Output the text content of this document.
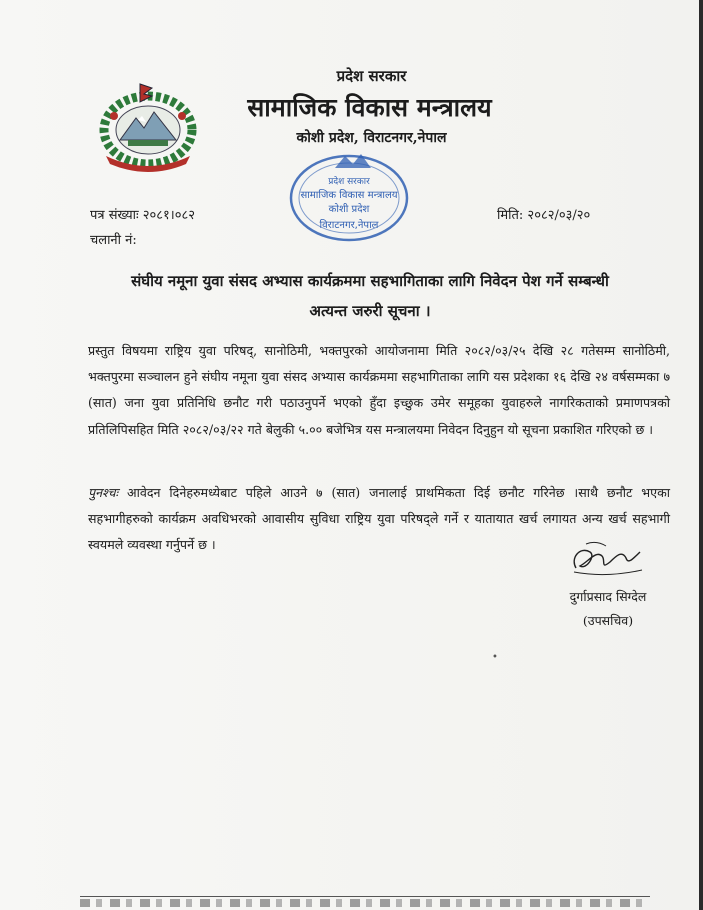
प्रदेश सरकार
सामाजिक विकास मन्त्रालय
कोशी प्रदेश, विराटनगर,नेपाल
प्रदेश सरकार
सामाजिक विकास मन्त्रालय
कोशी प्रदेश
विराटनगर,नेपाल
पत्र संख्याः २०८१।०८२
चलानी नं:
मिति: २०८२/०३/२०
संघीय नमूना युवा संसद अभ्यास कार्यक्रममा सहभागिताका लागि निवेदन पेश गर्ने सम्बन्धी
अत्यन्त जरुरी सूचना ।
प्रस्तुत विषयमा राष्ट्रिय युवा परिषद्, सानोठिमी, भक्तपुरको आयोजनामा मिति २०८२/०३/२५ देखि २८ गतेसम्म सानोठिमी, भक्तपुरमा सञ्चालन हुने संघीय नमूना युवा संसद अभ्यास कार्यक्रममा सहभागिताका लागि यस प्रदेशका १६ देखि २४ वर्षसम्मका ७ (सात) जना युवा प्रतिनिधि छनौट गरी पठाउनुपर्ने भएको हुँदा इच्छुक उमेर समूहका युवाहरुले नागरिकताको प्रमाणपत्रको प्रतिलिपिसहित मिति २०८२/०३/२२ गते बेलुकी ५.०० बजेभित्र यस मन्त्रालयमा निवेदन दिनुहुन यो सूचना प्रकाशित गरिएको छ ।
पुनश्चः आवेदन दिनेहरुमध्येबाट पहिले आउने ७ (सात) जनालाई प्राथमिकता दिई छनौट गरिनेछ ।साथै छनौट भएका सहभागीहरुको कार्यक्रम अवधिभरको आवासीय सुविधा राष्ट्रिय युवा परिषद्ले गर्ने र यातायात खर्च लगायत अन्य खर्च सहभागी स्वयमले व्यवस्था गर्नुपर्ने छ ।
दुर्गाप्रसाद सिग्देल
(उपसचिव)
•
